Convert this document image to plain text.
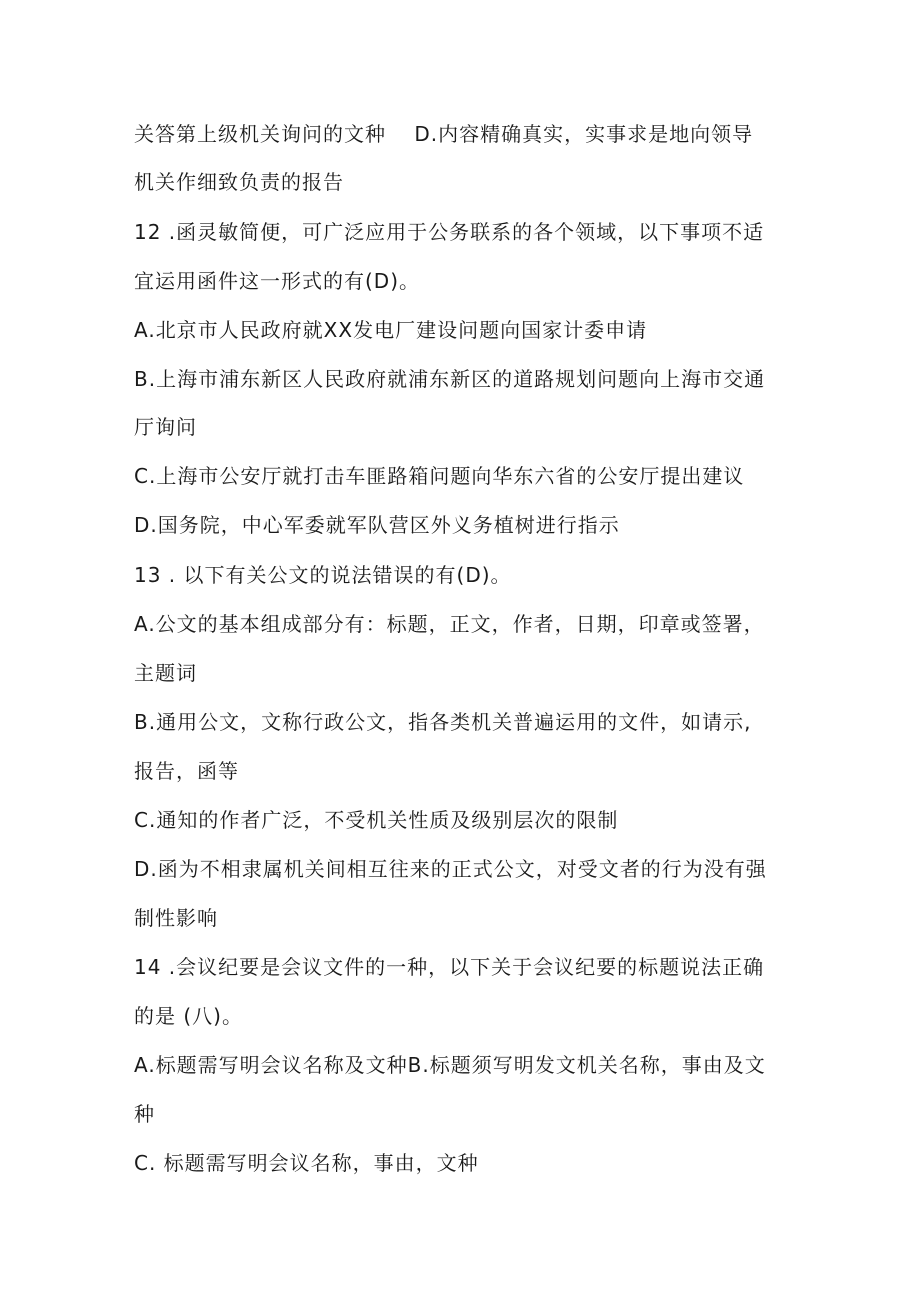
关答第上级机关询问的文种　 D.内容精确真实，实事求是地向领导
机关作细致负责的报告
12 .函灵敏简便，可广泛应用于公务联系的各个领域，以下事项不适
宜运用函件这一形式的有(D)。
A.北京市人民政府就XX发电厂建设问题向国家计委申请
B.上海市浦东新区人民政府就浦东新区的道路规划问题向上海市交通
厅询问
C.上海市公安厅就打击车匪路箱问题向华东六省的公安厅提出建议
D.国务院，中心军委就军队营区外义务植树进行指示
13 . 以下有关公文的说法错误的有(D)。
A.公文的基本组成部分有：标题，正文，作者，日期，印章或签署，
主题词
B.通用公文，文称行政公文，指各类机关普遍运用的文件，如请示,
报告，函等
C.通知的作者广泛，不受机关性质及级别层次的限制
D.函为不相隶属机关间相互往来的正式公文，对受文者的行为没有强
制性影响
14 .会议纪要是会议文件的一种，以下关于会议纪要的标题说法正确
的是 (八)。
A.标题需写明会议名称及文种B.标题须写明发文机关名称，事由及文
种
C. 标题需写明会议名称，事由，文种
